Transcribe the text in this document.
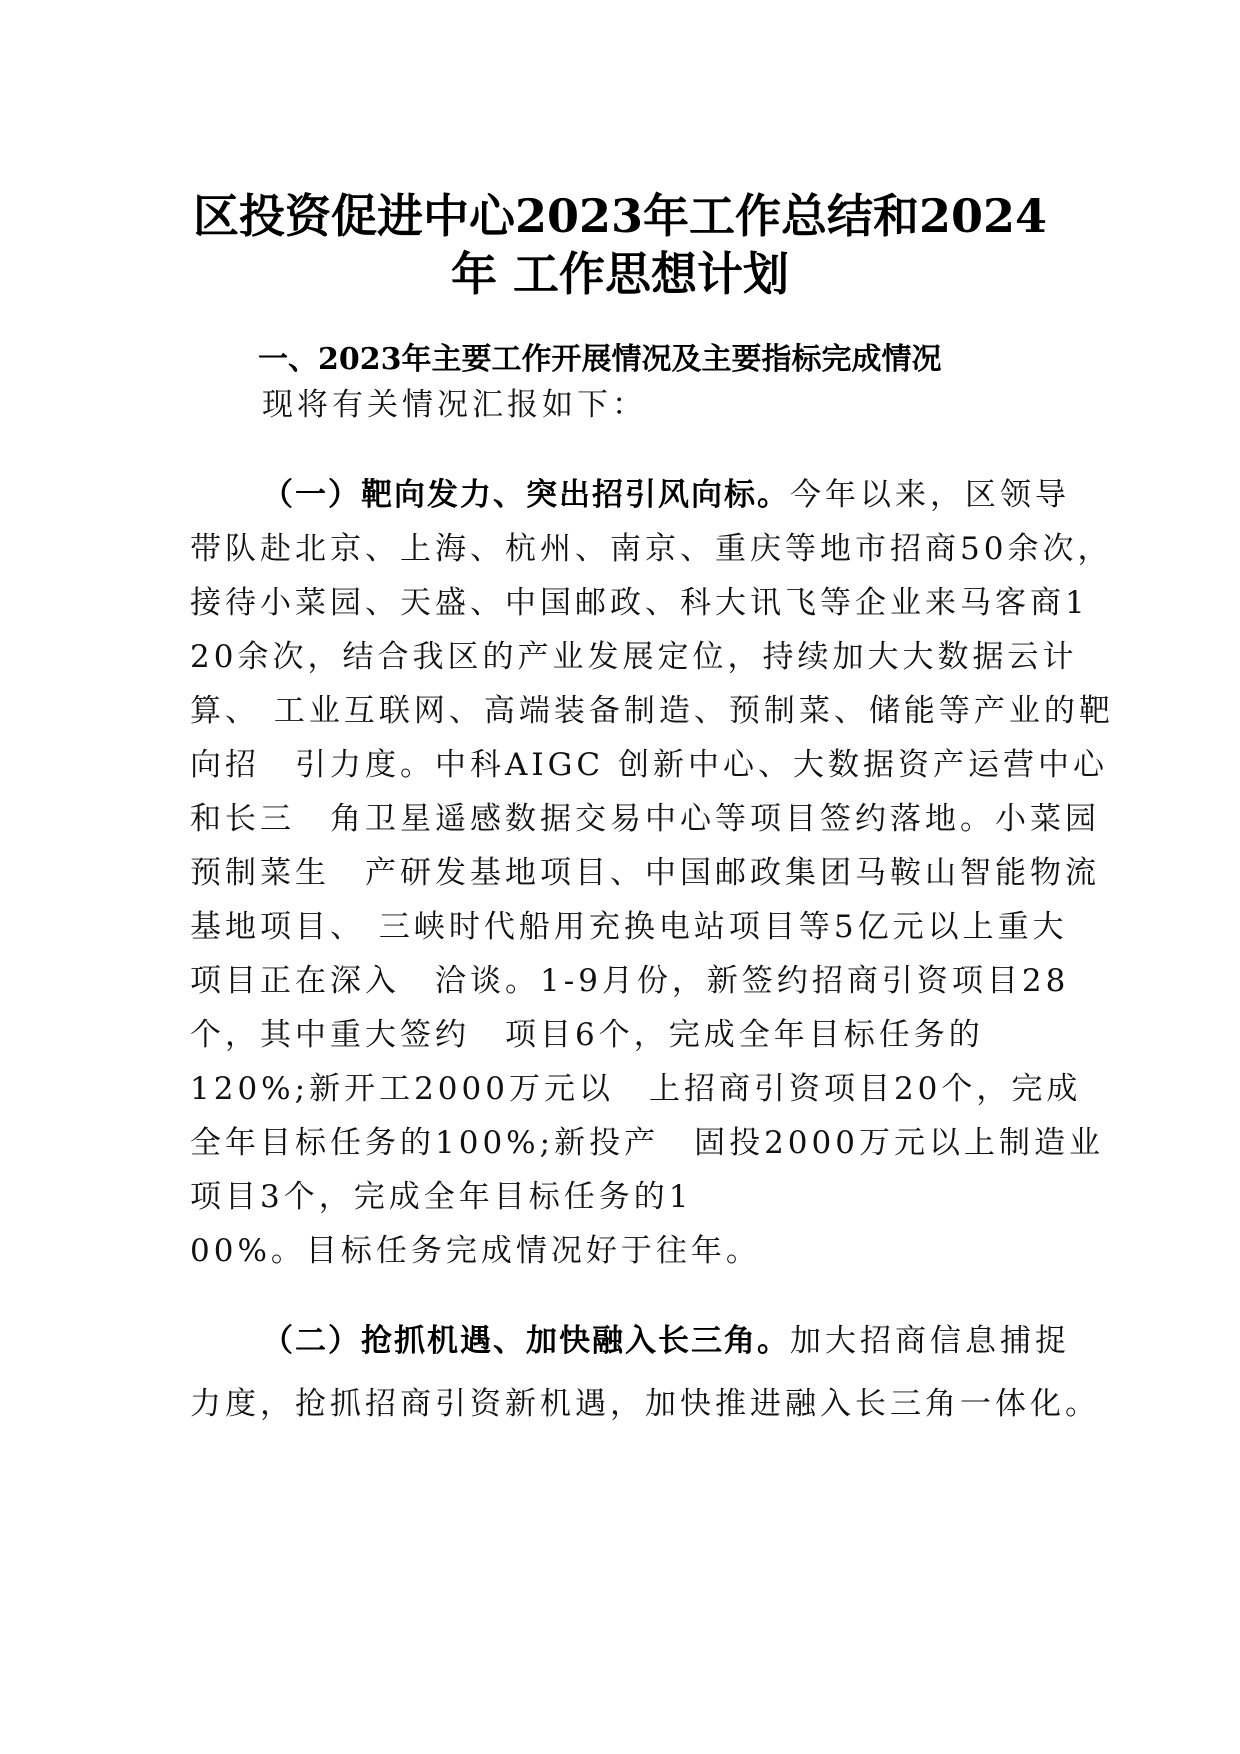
区投资促进中心2023年工作总结和2024
年 工作思想计划
一、2023年主要工作开展情况及主要指标完成情况
现将有关情况汇报如下：
（一）靶向发力、突出招引风向标。今年以来，区领导
带队赴北京、上海、杭州、南京、重庆等地市招商50余次，
接待小菜园、天盛、中国邮政、科大讯飞等企业来马客商1
20余次，结合我区的产业发展定位，持续加大大数据云计
算、 工业互联网、高端装备制造、预制菜、储能等产业的靶
向招　引力度。中科AIGC 创新中心、大数据资产运营中心
和长三　角卫星遥感数据交易中心等项目签约落地。小菜园
预制菜生　产研发基地项目、中国邮政集团马鞍山智能物流
基地项目、 三峡时代船用充换电站项目等5亿元以上重大
项目正在深入　洽谈。1-9月份，新签约招商引资项目28
个，其中重大签约　项目6个，完成全年目标任务的
120%;新开工2000万元以　上招商引资项目20个，完成
全年目标任务的100%;新投产　固投2000万元以上制造业
项目3个，完成全年目标任务的1
00%。目标任务完成情况好于往年。
（二）抢抓机遇、加快融入长三角。加大招商信息捕捉
力度，抢抓招商引资新机遇，加快推进融入长三角一体化。
